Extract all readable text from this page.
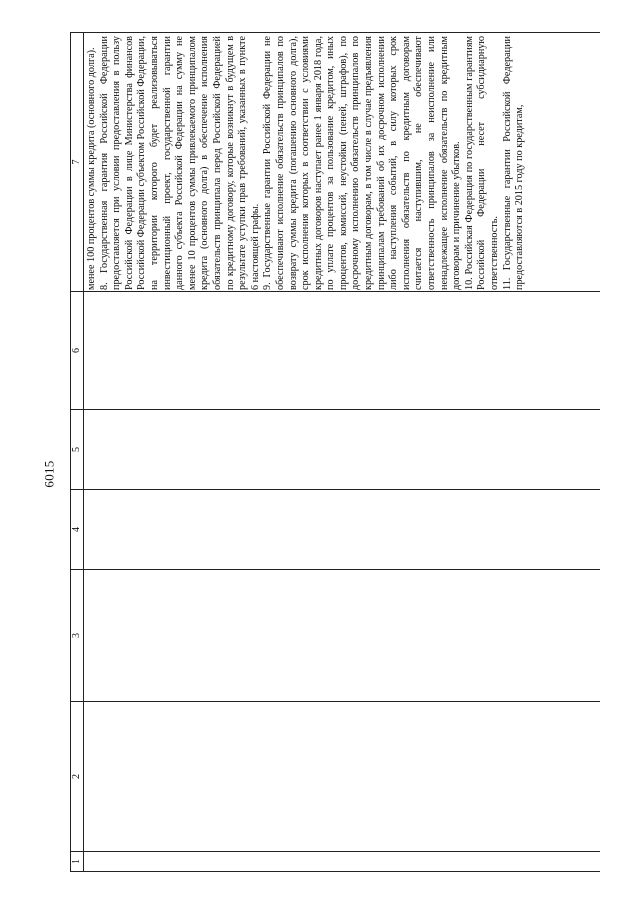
6015
1
2
3
4
5
6
7 менее 100 процентов суммы кредита (основного долга). 8. Государственная гарантия Российской Федерации предоставляется при условии предоставления в пользу Российской Федерации в лице Министерства финансов Российской Федерации субъектом Российской Федерации, на территории которого будет реализовываться инвестиционный проект, государственной гарантии данного субъекта Российской Федерации на сумму не менее 10 процентов суммы привлекаемого принципалом кредита (основного долга) в обеспечение исполнения обязательств принципала перед Российской Федерацией по кредитному договору, которые возникнут в будущем в результате уступки прав требований, указанных в пункте 6 настоящей графы. 9. Государственные гарантии Российской Федерации не обеспечивают исполнение обязательств принципалов по возврату суммы кредита (погашению основного долга), срок исполнения которых в соответствии с условиями кредитных договоров наступает ранее 1 января 2018 года, по уплате процентов за пользование кредитом, иных процентов, комиссий, неустойки (пеней, штрафов), по досрочному исполнению обязательств принципалов по кредитным договорам, в том числе в случае предъявления принципалам требований об их досрочном исполнении либо наступления событий, в силу которых срок исполнения обязательств по кредитным договорам считается наступившим, не обеспечивают ответственность принципалов за неисполнение или ненадлежащее исполнение обязательств по кредитным договорам и причинение убытков. 10. Российская Федерация по государственным гарантиям Российской Федерации несет субсидиарную ответственность. 11. Государственные гарантии Российской Федерации предоставляются в 2015 году по кредитам,
